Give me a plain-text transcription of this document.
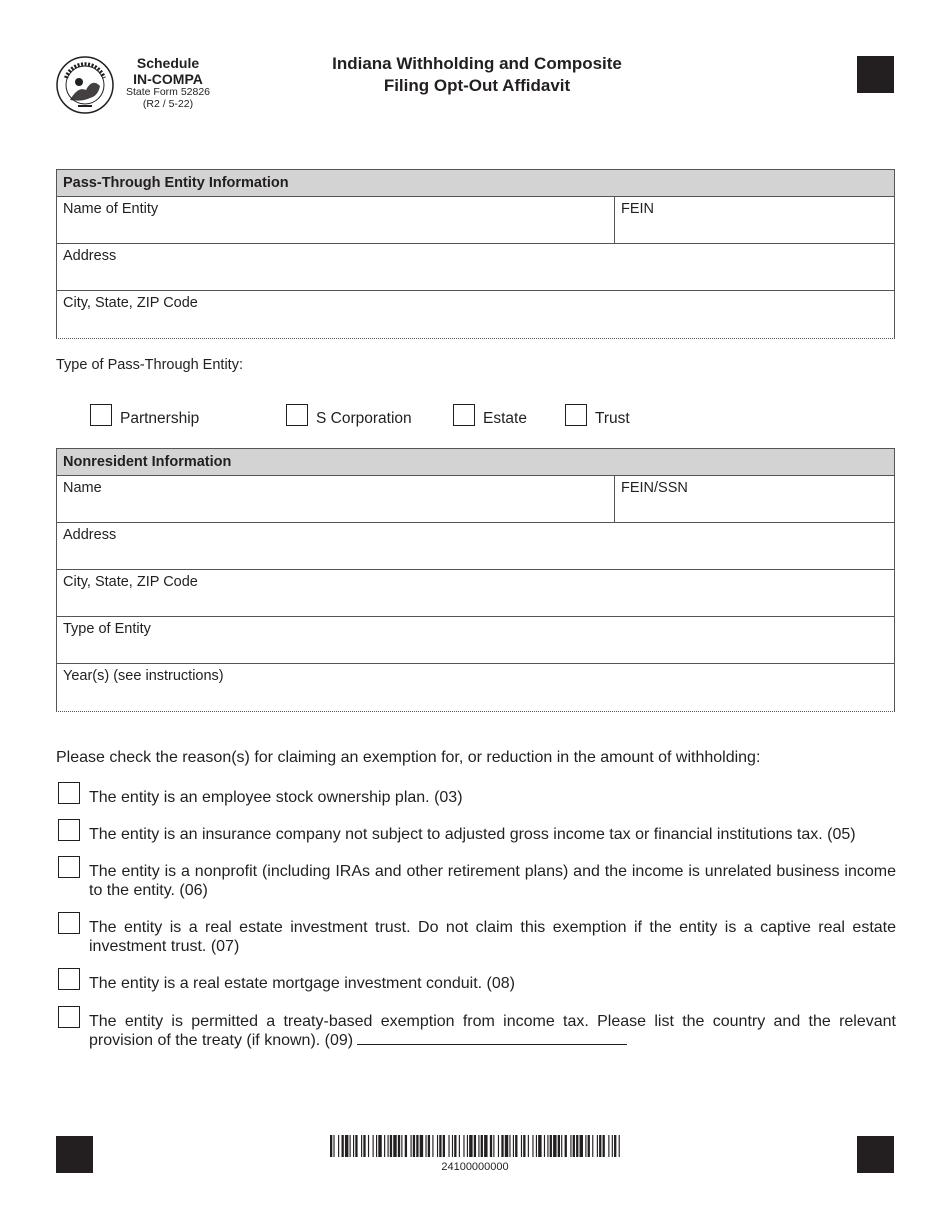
Schedule
IN-COMPA
State Form 52826
(R2 / 5-22)
Indiana Withholding and Composite
Filing Opt-Out Affidavit
Pass-Through Entity Information
Name of Entity	FEIN
Address
City, State, ZIP Code
Type of Pass-Through Entity:
Partnership	S Corporation	Estate	Trust
Nonresident Information
Name	FEIN/SSN
Address
City, State, ZIP Code
Type of Entity
Year(s) (see instructions)
Please check the reason(s) for claiming an exemption for, or reduction in the amount of withholding:
The entity is an employee stock ownership plan. (03)
The entity is an insurance company not subject to adjusted gross income tax or financial institutions tax. (05)
The entity is a nonprofit (including IRAs and other retirement plans) and the income is unrelated business income to the entity. (06)
The entity is a real estate investment trust. Do not claim this exemption if the entity is a captive real estate investment trust. (07)
The entity is a real estate mortgage investment conduit. (08)
The entity is permitted a treaty-based exemption from income tax. Please list the country and the relevant provision of the treaty (if known). (09)
24100000000
